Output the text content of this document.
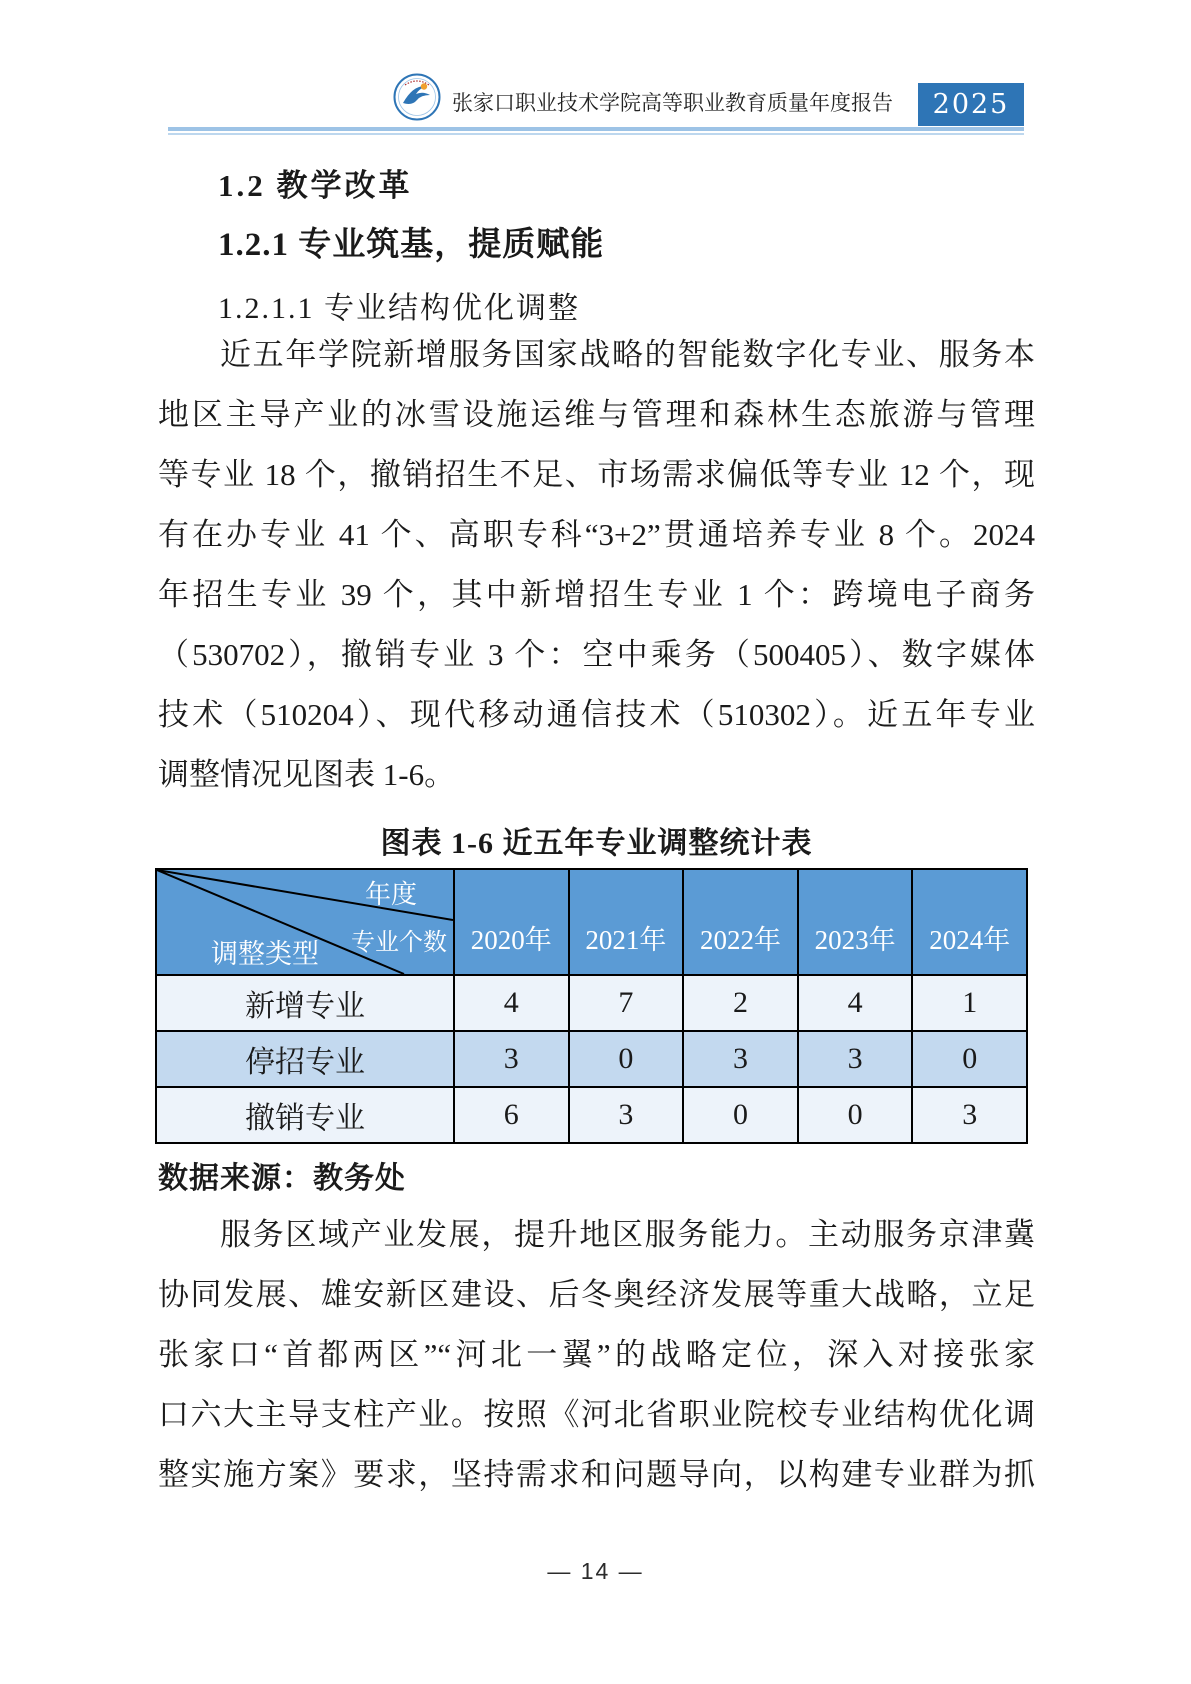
张家口职业技术学院高等职业教育质量年度报告	2025
1.2 教学改革
1.2.1 专业筑基，提质赋能
1.2.1.1 专业结构优化调整
近五年学院新增服务国家战略的智能数字化专业、服务本
地区主导产业的冰雪设施运维与管理和森林生态旅游与管理
等专业 18 个，撤销招生不足、市场需求偏低等专业 12 个，现
有在办专业 41 个、高职专科“3+2”贯通培养专业 8 个。2024
年招生专业 39 个，其中新增招生专业 1 个：跨境电子商务
（530702），撤销专业 3 个：空中乘务（500405）、数字媒体
技术（510204）、现代移动通信技术（510302）。近五年专业
调整情况见图表 1-6。
图表 1-6 近五年专业调整统计表
年度
专业个数
调整类型	2020年	2021年	2022年	2023年	2024年
新增专业	4	7	2	4	1
停招专业	3	0	3	3	0
撤销专业	6	3	0	0	3
数据来源：教务处
服务区域产业发展，提升地区服务能力。主动服务京津冀
协同发展、雄安新区建设、后冬奥经济发展等重大战略，立足
张家口“首都两区”“河北一翼”的战略定位，深入对接张家
口六大主导支柱产业。按照《河北省职业院校专业结构优化调
整实施方案》要求，坚持需求和问题导向，以构建专业群为抓
— 14 —
